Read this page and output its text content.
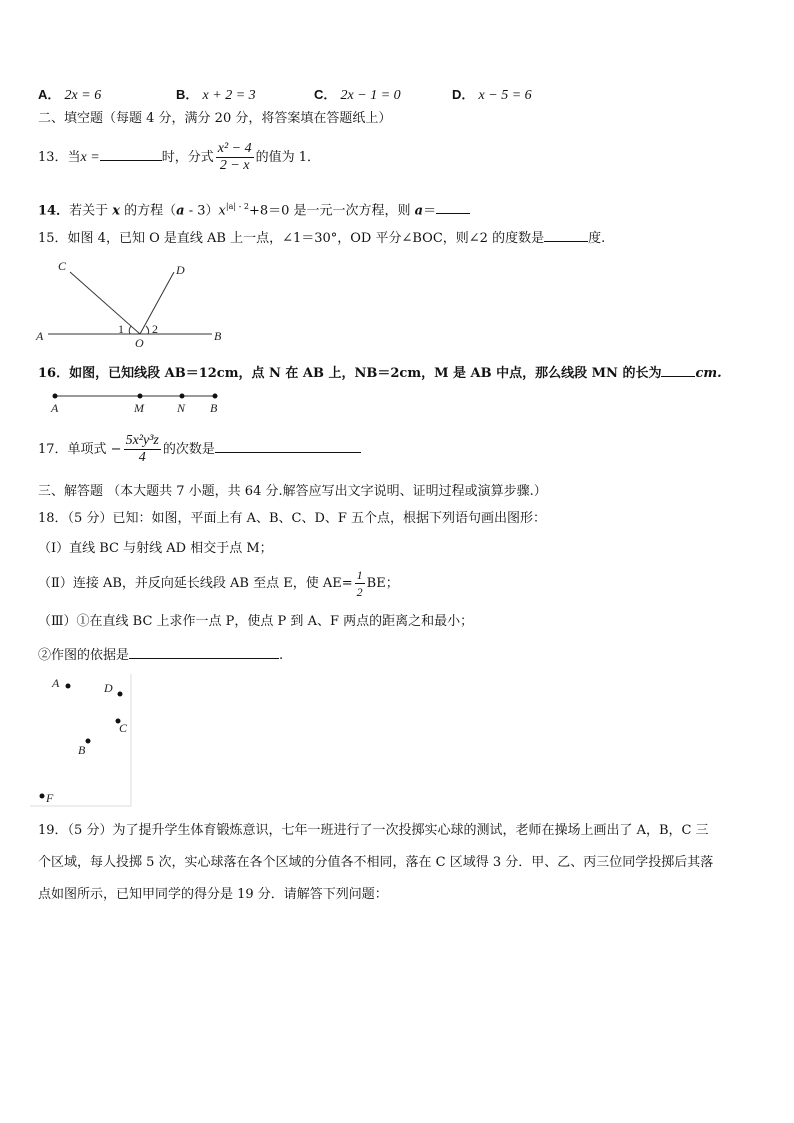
A． 2x = 6	B． x + 2 = 3	C． 2x − 1 = 0	D． x − 5 = 6
二、填空题（每题 4 分，满分 20 分，将答案填在答题纸上）
13．当x =	时，分式 $\frac{\text{x² − 4}}{2 - x}$ 的值为 1．
14．若关于 x 的方程$(a - 3)x^{|a| - 2}+8=0$ 是一元一次方程，则 a＝
15．如图 4，已知 O 是直线 AB 上一点，∠1＝30°，OD 平分∠BOC，则∠2 的度数是	度.
C	D
A	B
O
1 2
16．如图，已知线段 AB＝12cm，点 N 在 AB 上，NB＝2cm，M 是 AB 中点，那么线段 MN 的长为	cm.
A	M	N B
17．单项式 − $\frac{\text{5x²y³z}}{4}$ 的次数是
三、解答题 （本大题共 7 小题，共 64 分.解答应写出文字说明、证明过程或演算步骤.）
18．（5 分）已知：如图，平面上有 A、B、C、D、F 五个点，根据下列语句画出图形：
（Ⅰ）直线 BC 与射线 AD 相交于点 M；
（Ⅱ）连接 AB，并反向延长线段 AB 至点 E，使 $AE= \frac{1}{2}$ BE；
（Ⅲ）①在直线 BC 上求作一点 P，使点 P 到 A、F 两点的距离之和最小；
②作图的依据是	.
A	D
C
B
F
19．（5 分）为了提升学生体育锻炼意识，七年一班进行了一次投掷实心球的测试，老师在操场上画出了 A，B，C 三
个区域，每人投掷 5 次，实心球落在各个区域的分值各不相同，落在 C 区域得 3 分．甲、乙、丙三位同学投掷后其落
点如图所示，已知甲同学的得分是 19 分．请解答下列问题：
